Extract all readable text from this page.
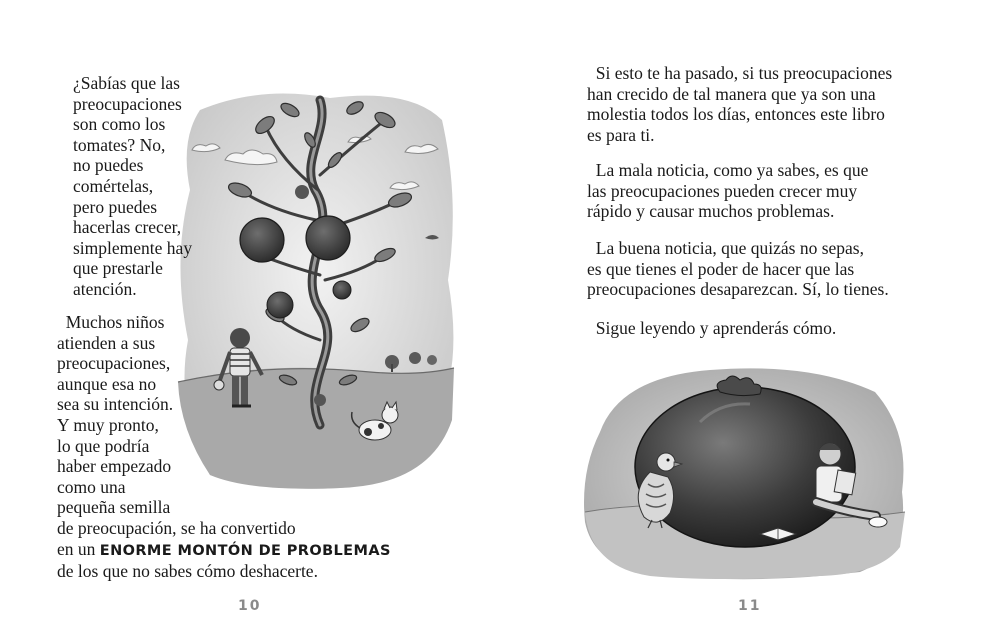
¿Sabías que las
preocupaciones
son como los
tomates? No,
no puedes
comértelas,
pero puedes
hacerlas crecer,
simplemente hay
que prestarle
atención.

Muchos niños
atienden a sus
preocupaciones,
aunque esa no
sea su intención.
Y muy pronto,
lo que podría
haber empezado
como una
pequeña semilla
de preocupación, se ha convertido
en un ENORME MONTÓN DE PROBLEMAS
de los que no sabes cómo deshacerte.

10

Si esto te ha pasado, si tus preocupaciones
han crecido de tal manera que ya son una
molestia todos los días, entonces este libro
es para ti.

La mala noticia, como ya sabes, es que
las preocupaciones pueden crecer muy
rápido y causar muchos problemas.

La buena noticia, que quizás no sepas,
es que tienes el poder de hacer que las
preocupaciones desaparezcan. Sí, lo tienes.

Sigue leyendo y aprenderás cómo.

11
